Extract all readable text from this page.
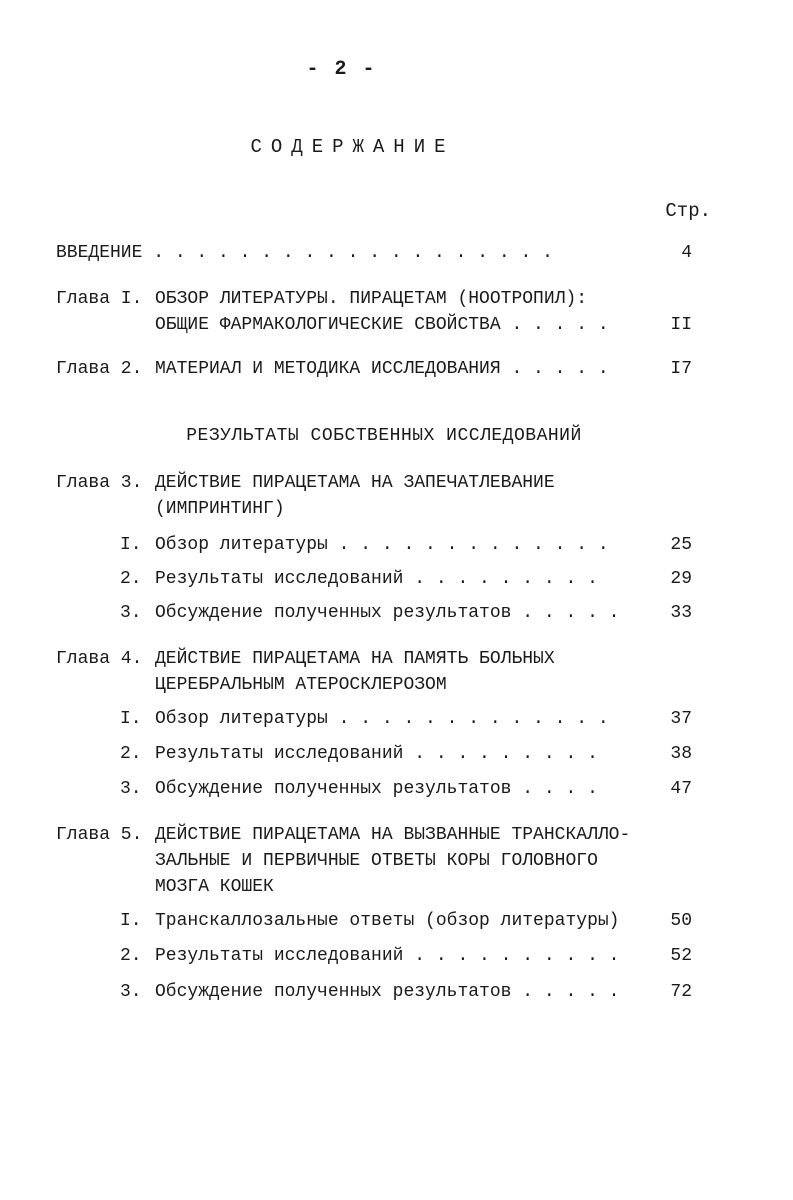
- 2 -
СОДЕРЖАНИЕ
Стр.
ВВЕДЕНИЕ . . . . . . . . . . . . . . . . . . .	4
Глава I. ОБЗОР ЛИТЕРАТУРЫ. ПИРАЦЕТАМ (НООТРОПИЛ):
ОБЩИЕ ФАРМАКОЛОГИЧЕСКИЕ СВОЙСТВА . . . . .	II
Глава 2. МАТЕРИАЛ И МЕТОДИКА ИССЛЕДОВАНИЯ . . . . .	I7
РЕЗУЛЬТАТЫ СОБСТВЕННЫХ ИССЛЕДОВАНИЙ
Глава 3. ДЕЙСТВИЕ ПИРАЦЕТАМА НА ЗАПЕЧАТЛЕВАНИЕ
(ИМПРИНТИНГ)
I. Обзор литературы . . . . . . . . . . . . .	25
2. Результаты исследований . . . . . . . . .	29
3. Обсуждение полученных результатов . . . . .	33
Глава 4. ДЕЙСТВИЕ ПИРАЦЕТАМА НА ПАМЯТЬ БОЛЬНЫХ
ЦЕРЕБРАЛЬНЫМ АТЕРОСКЛЕРОЗОМ
I. Обзор литературы . . . . . . . . . . . . .	37
2. Результаты исследований . . . . . . . . .	38
3. Обсуждение полученных результатов . . . .	47
Глава 5. ДЕЙСТВИЕ ПИРАЦЕТАМА НА ВЫЗВАННЫЕ ТРАНСКАЛЛО-
ЗАЛЬНЫЕ И ПЕРВИЧНЫЕ ОТВЕТЫ КОРЫ ГОЛОВНОГО
МОЗГА КОШЕК
I. Транскаллозальные ответы (обзор литературы)	50
2. Результаты исследований . . . . . . . . . .	52
3. Обсуждение полученных результатов . . . . .	72
